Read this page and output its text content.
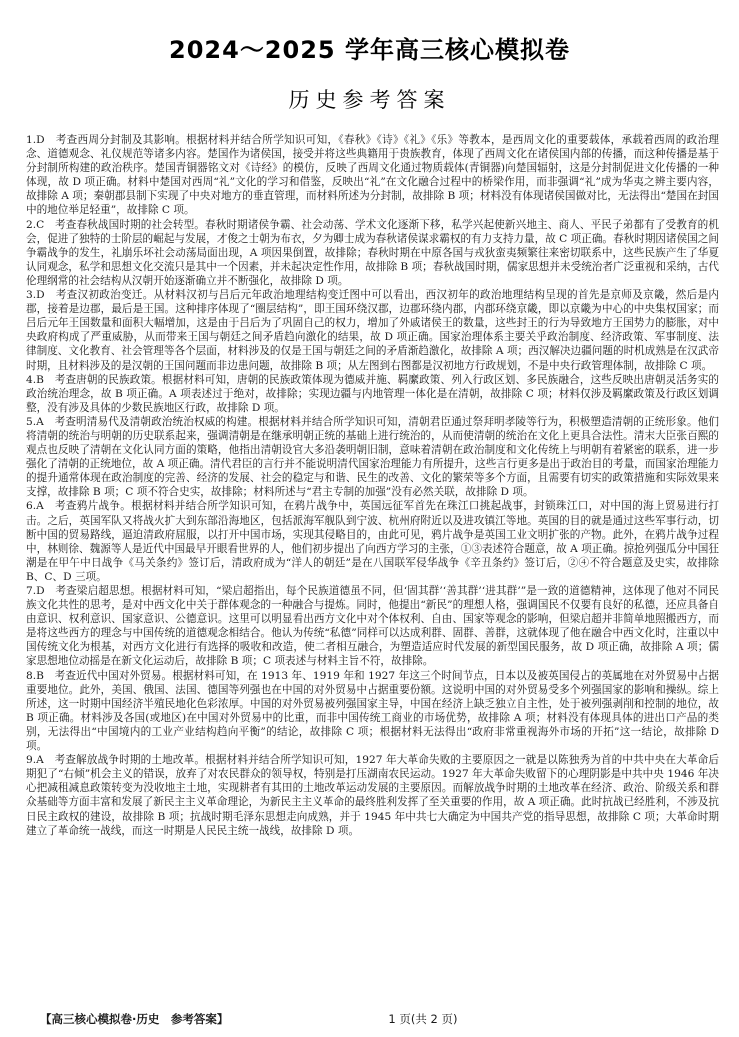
2024～2025 学年高三核心模拟卷
历史参考答案

1.D　考查西周分封制及其影响。根据材料并结合所学知识可知，《春秋》《诗》《礼》《乐》等教本，是西周文化的重要载体，承载着西周的政治理念、道德观念、礼仪规范等诸多内容。楚国作为诸侯国，接受并将这些典籍用于贵族教育，体现了西周文化在诸侯国内部的传播，而这种传播是基于分封制所构建的政治秩序。楚国青铜器铭文对《诗经》的模仿，反映了西周文化通过物质载体(青铜器)向楚国辐射，这是分封制促进文化传播的一种体现，故 D 项正确。材料中楚国对西周“礼”文化的学习和借鉴，反映出“礼”在文化融合过程中的桥梁作用，而非强调“礼”成为华夷之辨主要内容，故排除 A 项；秦朝郡县制下实现了中央对地方的垂直管理，而材料所述为分封制，故排除 B 项；材料没有体现诸侯国做对比，无法得出“楚国在封国中的地位举足轻重”，故排除 C 项。

2.C　考查春秋战国时期的社会转型。春秋时期诸侯争霸、社会动荡、学术文化逐渐下移，私学兴起使新兴地主、商人、平民子弟都有了受教育的机会，促进了独特的士阶层的崛起与发展，才俊之士朝为布衣，夕为卿士成为春秋诸侯谋求霸权的有力支持力量，故 C 项正确。春秋时期因诸侯国之间争霸战争的发生，礼崩乐坏社会动荡局面出现，A 项因果倒置，故排除；春秋时期在中原各国与戎狄蛮夷频繁往来密切联系中，这些民族产生了华夏认同观念，私学和思想文化交流只是其中一个因素，并未起决定性作用，故排除 B 项；春秋战国时期，儒家思想并未受统治者广泛重视和采纳，古代伦理纲常的社会结构从汉朝开始逐渐确立并不断强化，故排除 D 项。

3.D　考查汉初政治变迁。从材料汉初与吕后元年政治地理结构变迁图中可以看出，西汉初年的政治地理结构呈现的首先是京师及京畿，然后是内郡，接着是边郡，最后是王国。这种排序体现了“圈层结构”，即王国环绕汉郡，边郡环绕内郡，内郡环绕京畿，即以京畿为中心的中央集权国家；而吕后元年王国数量和面积大幅增加，这是由于吕后为了巩固自己的权力，增加了外戚诸侯王的数量，这些封王的行为导致地方王国势力的膨胀，对中央政府构成了严重威胁，从而带来王国与朝廷之间矛盾趋向激化的结果，故 D 项正确。国家治理体系主要关乎政治制度、经济政策、军事制度、法律制度、文化教育、社会管理等各个层面，材料涉及的仅是王国与朝廷之间的矛盾渐趋激化，故排除 A 项；西汉解决边疆问题的时机成熟是在汉武帝时期，且材料涉及的是汉朝的王国问题而非边患问题，故排除 B 项；从左图到右图都是汉初地方行政规划，不是中央行政管理体制，故排除 C 项。

4.B　考查唐朝的民族政策。根据材料可知，唐朝的民族政策体现为德威并施、羁縻政策、列入行政区划、多民族融合，这些反映出唐朝灵活务实的政治统治理念，故 B 项正确。A 项表述过于绝对，故排除；实现边疆与内地管理一体化是在清朝，故排除 C 项；材料仅涉及羁縻政策及行政区划调整，没有涉及具体的少数民族地区行政，故排除 D 项。

5.A　考查明清易代及清朝政治统治权威的构建。根据材料并结合所学知识可知，清朝君臣通过祭拜明孝陵等行为，积极塑造清朝的正统形象。他们将清朝的统治与明朝的历史联系起来，强调清朝是在继承明朝正统的基础上进行统治的，从而使清朝的统治在文化上更具合法性。清末大臣张百熙的观点也反映了清朝在文化认同方面的策略，他指出清朝设官大多沿袭明朝旧制，意味着清朝在政治制度和文化传统上与明朝有着紧密的联系，进一步强化了清朝的正统地位，故 A 项正确。清代君臣的言行并不能说明清代国家治理能力有所提升，这些言行更多是出于政治目的考量，而国家治理能力的提升通常体现在政治制度的完善、经济的发展、社会的稳定与和谐、民生的改善、文化的繁荣等多个方面，且需要有切实的政策措施和实际效果来支撑，故排除 B 项；C 项不符合史实，故排除；材料所述与“君主专制的加强”没有必然关联，故排除 D 项。

6.A　考查鸦片战争。根据材料并结合所学知识可知，在鸦片战争中，英国远征军首先在珠江口挑起战事，封锁珠江口，对中国的海上贸易进行打击。之后，英国军队又将战火扩大到东部沿海地区，包括派海军舰队到宁波、杭州府附近以及进攻镇江等地。英国的目的就是通过这些军事行动，切断中国的贸易路线，逼迫清政府屈服，以打开中国市场，实现其侵略目的，由此可见，鸦片战争是英国工业文明扩张的产物。此外，在鸦片战争过程中，林则徐、魏源等人是近代中国最早开眼看世界的人，他们初步提出了向西方学习的主张，①③表述符合题意，故 A 项正确。掠抢列强瓜分中国狂潮是在甲午中日战争《马关条约》签订后，清政府成为“洋人的朝廷”是在八国联军侵华战争《辛丑条约》签订后，②④不符合题意及史实，故排除 B、C、D 三项。

7.D　考查梁启超思想。根据材料可知，“梁启超指出，每个民族道德虽不同，但‘固其群’‘善其群’‘进其群’”是一致的道德精神，这体现了他对不同民族文化共性的思考，是对中西文化中关于群体观念的一种融合与提炼。同时，他提出“新民”的理想人格，强调国民不仅要有良好的私德，还应具备自由意识、权利意识、国家意识、公德意识。这里可以明显看出西方文化中对个体权利、自由、国家等观念的影响，但梁启超并非简单地照搬西方，而是将这些西方的理念与中国传统的道德观念相结合。他认为传统“私德”同样可以达成利群、固群、善群，这就体现了他在融合中西文化时，注重以中国传统文化为根基，对西方文化进行有选择的吸收和改造，使二者相互融合，为塑造适应时代发展的新型国民服务，故 D 项正确，故排除 A 项；儒家思想地位动摇是在新文化运动后，故排除 B 项；C 项表述与材料主旨不符，故排除。

8.B　考查近代中国对外贸易。根据材料可知，在 1913 年、1919 年和 1927 年这三个时间节点，日本以及被英国侵占的英属地在对外贸易中占据重要地位。此外，美国、俄国、法国、德国等列强也在中国的对外贸易中占据重要份额。这说明中国的对外贸易受多个列强国家的影响和操纵。综上所述，这一时期中国经济半殖民地化色彩浓厚。中国的对外贸易被列强国家主导，中国在经济上缺乏独立自主性，处于被列强剥削和控制的地位，故 B 项正确。材料涉及各国(或地区)在中国对外贸易中的比重，而非中国传统工商业的市场优势，故排除 A 项；材料没有体现具体的进出口产品的类别，无法得出“中国境内的工业产业结构趋向平衡”的结论，故排除 C 项；根据材料无法得出“政府非常重视海外市场的开拓”这一结论，故排除 D 项。

9.A　考查解放战争时期的土地改革。根据材料并结合所学知识可知，1927 年大革命失败的主要原因之一就是以陈独秀为首的中共中央在大革命后期犯了“右倾”机会主义的错误，放弃了对农民群众的领导权，特别是打压湖南农民运动。1927 年大革命失败留下的心理阴影是中共中央 1946 年决心把减租减息政策转变为没收地主土地，实现耕者有其田的土地改革运动发展的主要原因。而解放战争时期的土地改革在经济、政治、阶级关系和群众基础等方面丰富和发展了新民主主义革命理论，为新民主主义革命的最终胜利发挥了至关重要的作用，故 A 项正确。此时抗战已经胜利，不涉及抗日民主政权的建设，故排除 B 项；抗战时期毛泽东思想走向成熟，并于 1945 年中共七大确定为中国共产党的指导思想，故排除 C 项；大革命时期建立了革命统一战线，而这一时期是人民民主统一战线，故排除 D 项。

【高三核心模拟卷·历史　参考答案】	1 页(共 2 页)
